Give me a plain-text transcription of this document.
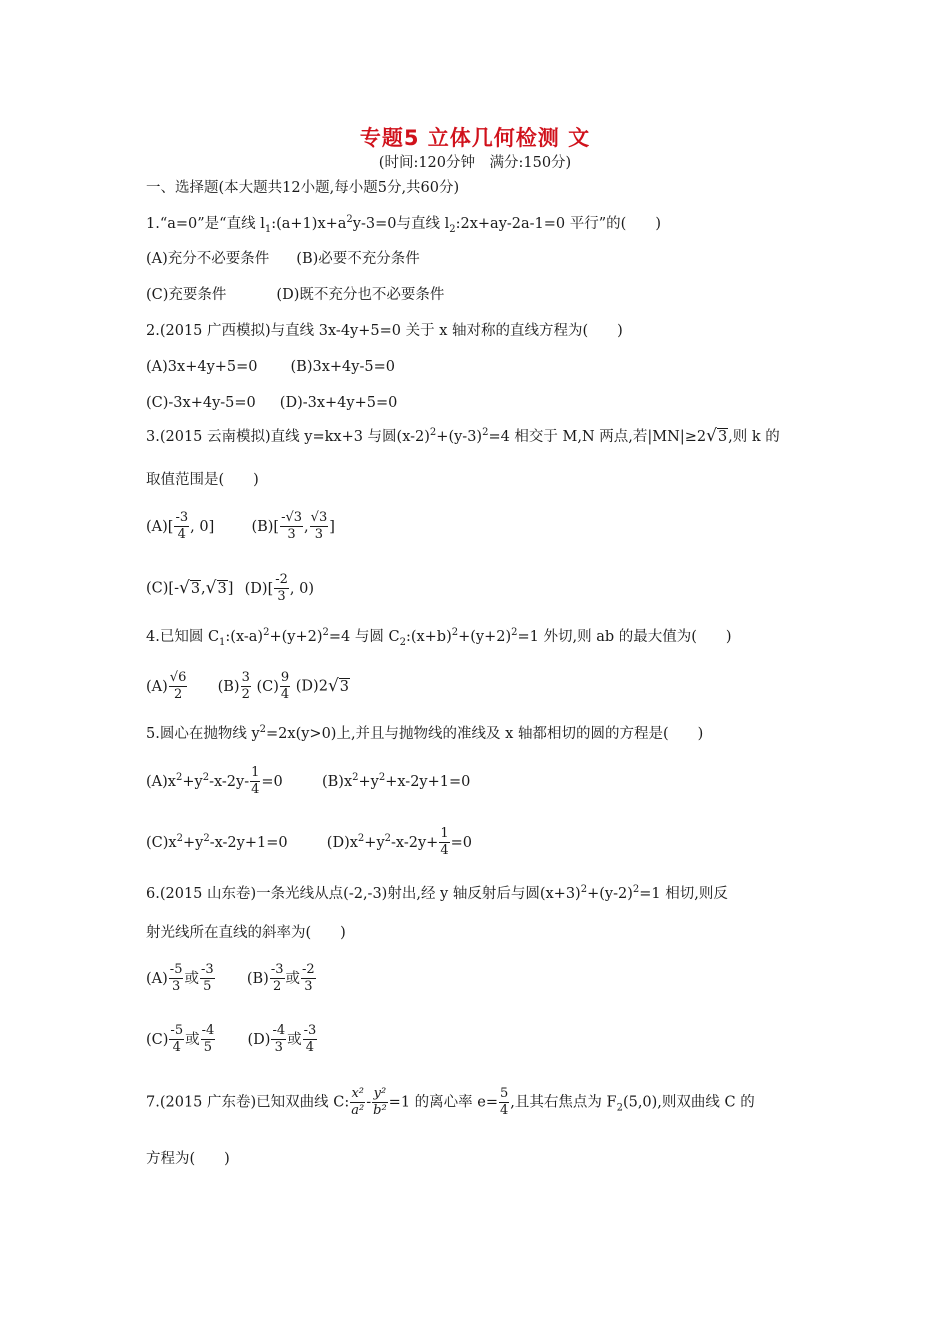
专题5 立体几何检测 文
(时间:120分钟　满分:150分)
一、选择题(本大题共12小题,每小题5分,共60分)
1.“a=0”是“直线 $l_1:(a+1)x+a^2y-3=0$与直线 $l_2:2x+ay-2a-1=0$ 平行”的(　　)
(A)充分不必要条件 (B)必要不充分条件
(C)充要条件	(D)既不充分也不必要条件
2.(2015 广西模拟)与直线 3x-4y+5=0 关于 x 轴对称的直线方程为(　　)
(A)3x+4y+5=0 (B)3x+4y-5=0
(C)-3x+4y-5=0 (D)-3x+4y+5=0
3.(2015 云南模拟)直线 y=kx+3 与圆$(x-2)^2+(y-3)^2=4$ 相交于 M,N 两点,若|MN|≥2√3,则 k 的
取值范围是(　　)
$(A)[ \frac{-3}{4}$ , 0]	$(B)[ \frac{-√3}{3}$ , $\frac{√3}{3}$ ]
(C)[-√3,√3] $(D)[ \frac{-2}{3}$ , 0)
4.已知圆 $C_1:(x-a)^2+(y+2)^2=4$ 与圆 $C_2:(x+b)^2+(y+2)^2=1$ 外切,则 ab 的最大值为(　　)
$(A) \frac{√6}{2} (B) \frac{3}{2} (C) \frac{9}{4} (D)2√3$
5.圆心在抛物线 $y^2=2x(y>0)$上,并且与抛物线的准线及 x 轴都相切的圆的方程是(　　)
$(A)x^2+y^2-x-2y- \frac{1}{4} =0$	$(B)x^2+y^2+x-2y+1=0$
$(C)x^2+y^2-x-2y+1=0$	$(D)x^2+y^2-x-2y+ \frac{1}{4} =0$
6.(2015 山东卷)一条光线从点(-2,-3)射出,经 y 轴反射后与圆$(x+3)^2+(y-2)^2=1$ 相切,则反
射光线所在直线的斜率为(　　)
$(A) \frac{-5}{3}$ 或 $\frac{-3}{5} (B) \frac{-3}{2}$ 或 $\frac{-2}{3}$
$(C) \frac{-5}{4}$ 或 $\frac{-4}{5} (D) \frac{-4}{3}$ 或 $\frac{-3}{4}$
7.(2015 广东卷)已知双曲线 C: $\frac{\text{x²}}{\text{a²}} - \frac{\text{y²}}{\text{b²}} =1$ 的离心率 $e= \frac{5}{4}$ ,且其右焦点为 $F_2(5,0)$,则双曲线 C 的
方程为(　　)
